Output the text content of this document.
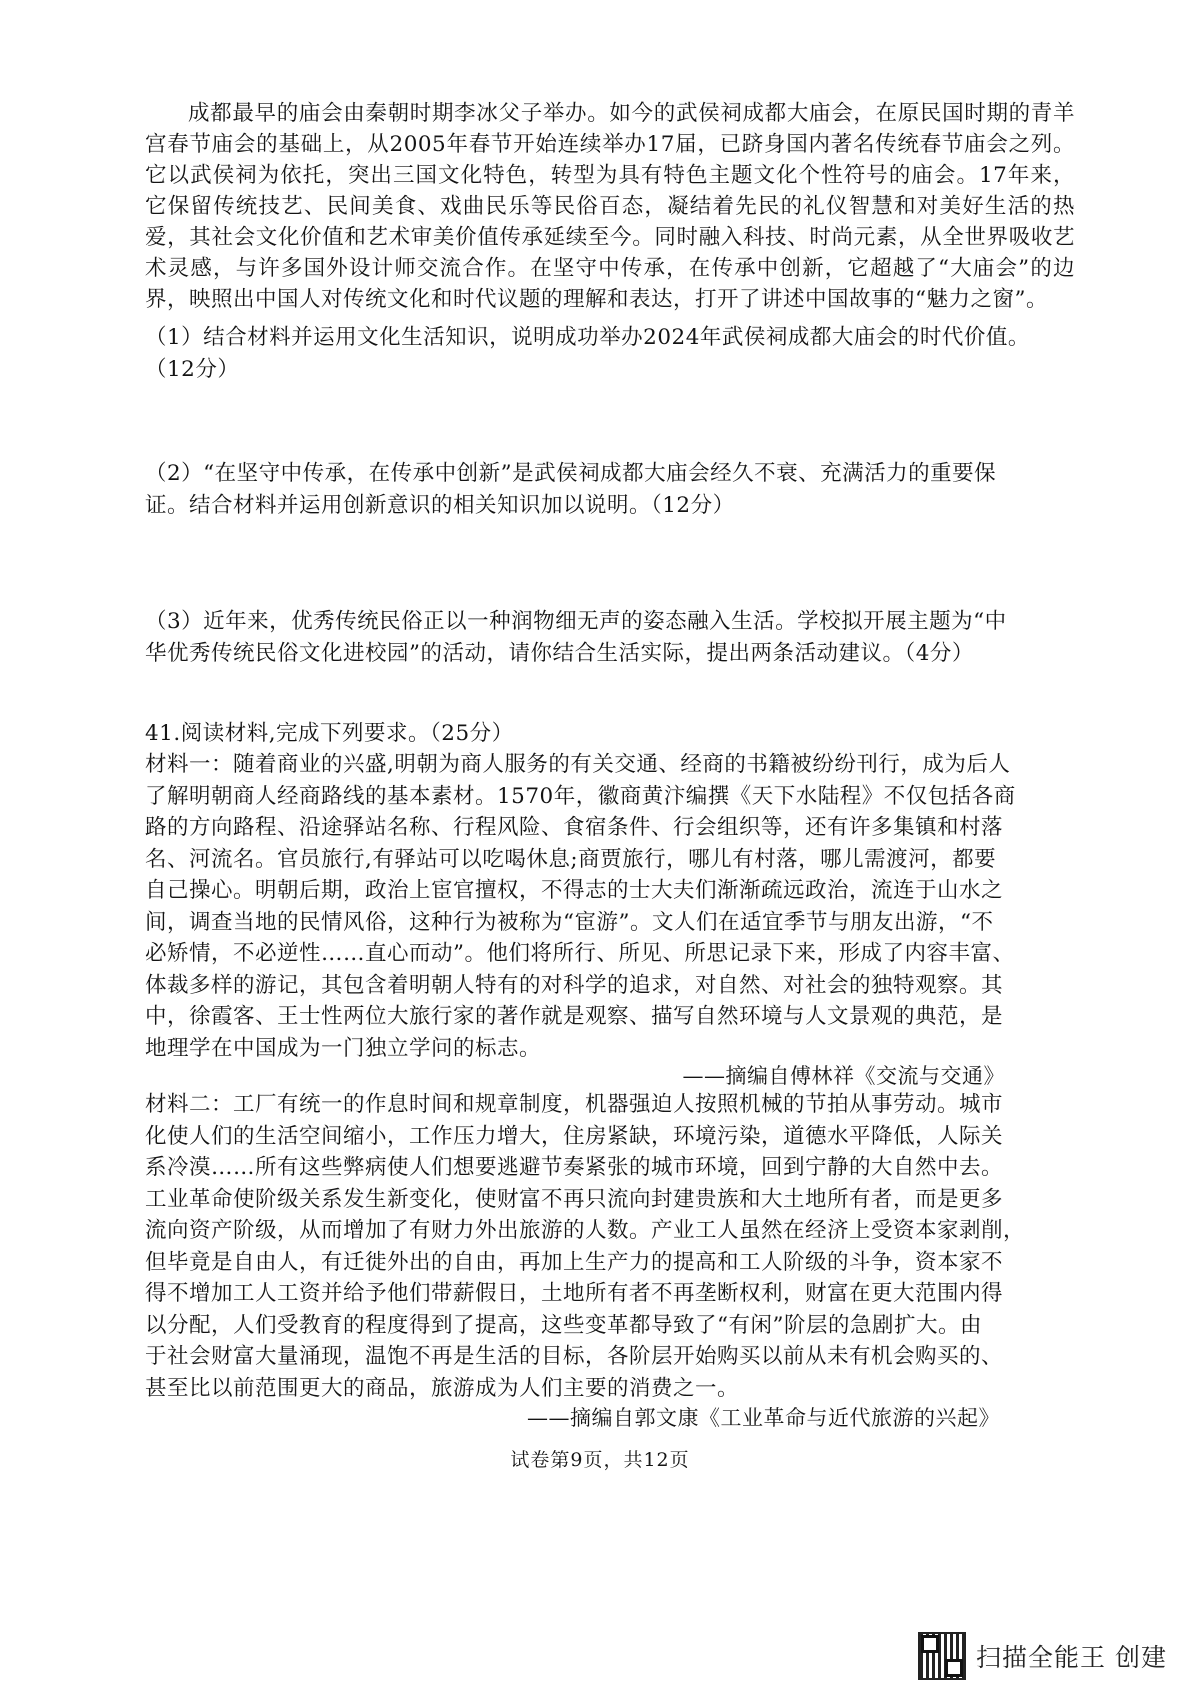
成都最早的庙会由秦朝时期李冰父子举办。如今的武侯祠成都大庙会，在原民国时期的青羊宫春节庙会的基础上，从2005年春节开始连续举办17届，已跻身国内著名传统春节庙会之列。它以武侯祠为依托，突出三国文化特色，转型为具有特色主题文化个性符号的庙会。17年来，它保留传统技艺、民间美食、戏曲民乐等民俗百态，凝结着先民的礼仪智慧和对美好生活的热爱，其社会文化价值和艺术审美价值传承延续至今。同时融入科技、时尚元素，从全世界吸收艺术灵感，与许多国外设计师交流合作。在坚守中传承，在传承中创新，它超越了“大庙会”的边界，映照出中国人对传统文化和时代议题的理解和表达，打开了讲述中国故事的“魅力之窗”。

（1）结合材料并运用文化生活知识，说明成功举办2024年武侯祠成都大庙会的时代价值。
（12分）
（2）“在坚守中传承，在传承中创新”是武侯祠成都大庙会经久不衰、充满活力的重要保
证。结合材料并运用创新意识的相关知识加以说明。（12分）
（3）近年来，优秀传统民俗正以一种润物细无声的姿态融入生活。学校拟开展主题为“中
华优秀传统民俗文化进校园”的活动，请你结合生活实际，提出两条活动建议。（4分）
41.阅读材料,完成下列要求。（25分）
材料一：随着商业的兴盛,明朝为商人服务的有关交通、经商的书籍被纷纷刊行，成为后人
了解明朝商人经商路线的基本素材。1570年，徽商黄汴编撰《天下水陆程》不仅包括各商
路的方向路程、沿途驿站名称、行程风险、食宿条件、行会组织等，还有许多集镇和村落
名、河流名。官员旅行,有驿站可以吃喝休息;商贾旅行，哪儿有村落，哪儿需渡河，都要
自己操心。明朝后期，政治上宦官擅权，不得志的士大夫们渐渐疏远政治，流连于山水之
间，调查当地的民情风俗，这种行为被称为“宦游”。文人们在适宜季节与朋友出游，“不
必矫情，不必逆性……直心而动”。他们将所行、所见、所思记录下来，形成了内容丰富、
体裁多样的游记，其包含着明朝人特有的对科学的追求，对自然、对社会的独特观察。其
中，徐霞客、王士性两位大旅行家的著作就是观察、描写自然环境与人文景观的典范，是
地理学在中国成为一门独立学问的标志。
——摘编自傅林祥《交流与交通》
材料二：工厂有统一的作息时间和规章制度，机器强迫人按照机械的节拍从事劳动。城市
化使人们的生活空间缩小，工作压力增大，住房紧缺，环境污染，道德水平降低，人际关
系冷漠……所有这些弊病使人们想要逃避节奏紧张的城市环境，回到宁静的大自然中去。
工业革命使阶级关系发生新变化，使财富不再只流向封建贵族和大土地所有者，而是更多
流向资产阶级，从而增加了有财力外出旅游的人数。产业工人虽然在经济上受资本家剥削，
但毕竟是自由人，有迁徙外出的自由，再加上生产力的提高和工人阶级的斗争，资本家不
得不增加工人工资并给予他们带薪假日，土地所有者不再垄断权利，财富在更大范围内得
以分配，人们受教育的程度得到了提高，这些变革都导致了“有闲”阶层的急剧扩大。由
于社会财富大量涌现，温饱不再是生活的目标，各阶层开始购买以前从未有机会购买的、
甚至比以前范围更大的商品，旅游成为人们主要的消费之一。
——摘编自郭文康《工业革命与近代旅游的兴起》
试卷第9页，共12页
扫描全能王 创建
